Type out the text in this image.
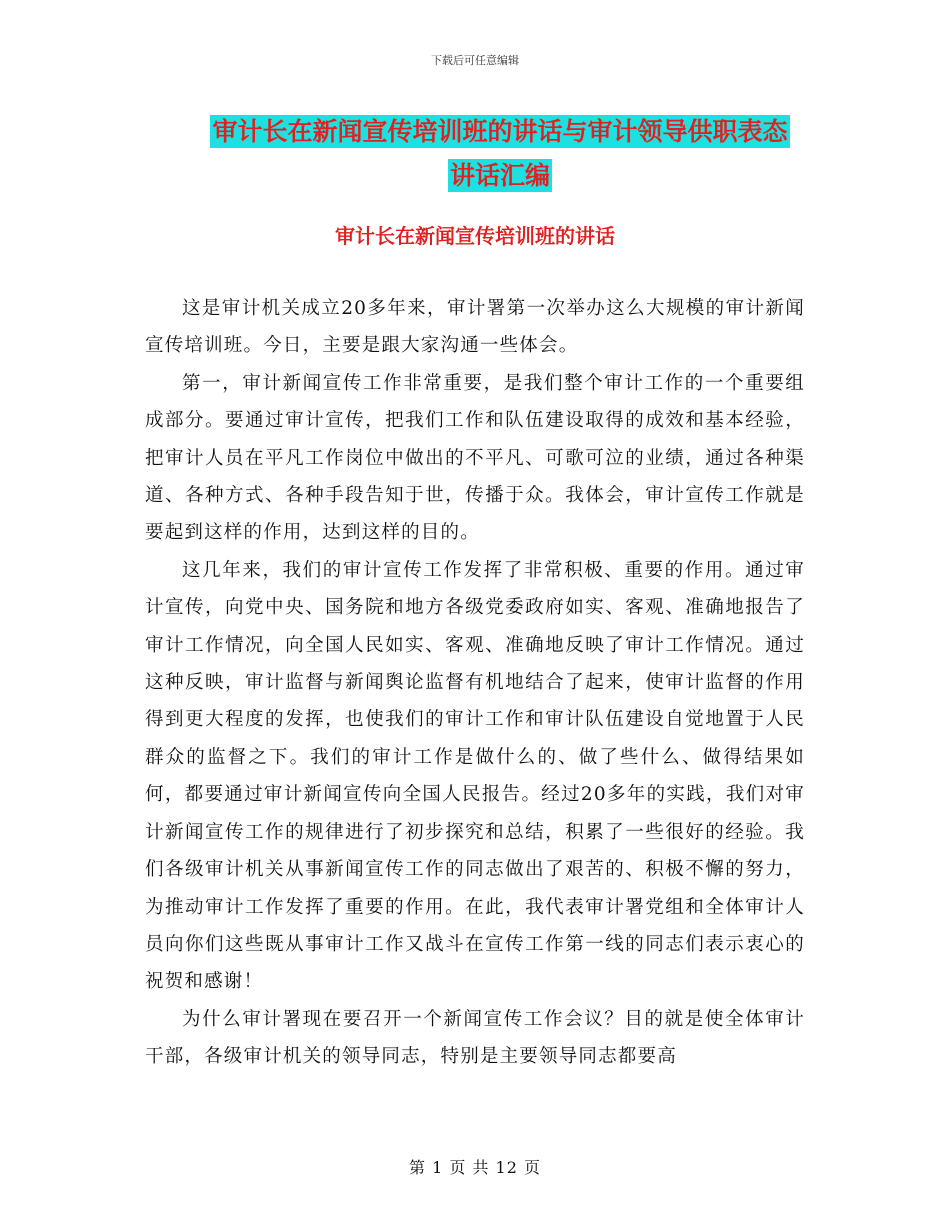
下载后可任意编辑
审计长在新闻宣传培训班的讲话与审计领导供职表态
讲话汇编
审计长在新闻宣传培训班的讲话

这是审计机关成立20多年来，审计署第一次举办这么大规模的审计新闻宣传培训班。今日，主要是跟大家沟通一些体会。

第一，审计新闻宣传工作非常重要，是我们整个审计工作的一个重要组成部分。要通过审计宣传，把我们工作和队伍建设取得的成效和基本经验，把审计人员在平凡工作岗位中做出的不平凡、可歌可泣的业绩，通过各种渠道、各种方式、各种手段告知于世，传播于众。我体会，审计宣传工作就是要起到这样的作用，达到这样的目的。

这几年来，我们的审计宣传工作发挥了非常积极、重要的作用。通过审计宣传，向党中央、国务院和地方各级党委政府如实、客观、准确地报告了审计工作情况，向全国人民如实、客观、准确地反映了审计工作情况。通过这种反映，审计监督与新闻舆论监督有机地结合了起来，使审计监督的作用得到更大程度的发挥，也使我们的审计工作和审计队伍建设自觉地置于人民群众的监督之下。我们的审计工作是做什么的、做了些什么、做得结果如何，都要通过审计新闻宣传向全国人民报告。经过20多年的实践，我们对审计新闻宣传工作的规律进行了初步探究和总结，积累了一些很好的经验。我们各级审计机关从事新闻宣传工作的同志做出了艰苦的、积极不懈的努力，为推动审计工作发挥了重要的作用。在此，我代表审计署党组和全体审计人员向你们这些既从事审计工作又战斗在宣传工作第一线的同志们表示衷心的祝贺和感谢！

为什么审计署现在要召开一个新闻宣传工作会议？目的就是使全体审计干部，各级审计机关的领导同志，特别是主要领导同志都要高

第 1 页 共 12 页
